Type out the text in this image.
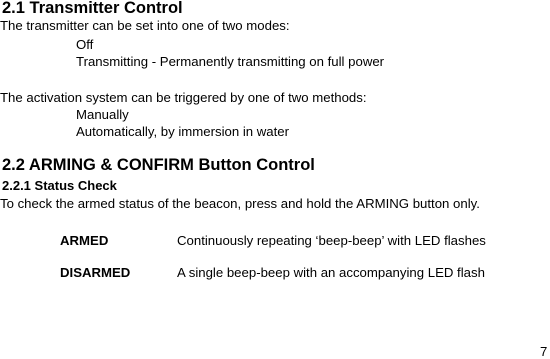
2.1 Transmitter Control
The transmitter can be set into one of two modes:
Off
Transmitting - Permanently transmitting on full power
The activation system can be triggered by one of two methods:
Manually
Automatically, by immersion in water
2.2 ARMING & CONFIRM Button Control
2.2.1 Status Check
To check the armed status of the beacon, press and hold the ARMING button only.
ARMED	Continuously repeating ‘beep-beep’ with LED flashes
DISARMED	A single beep-beep with an accompanying LED flash
7
